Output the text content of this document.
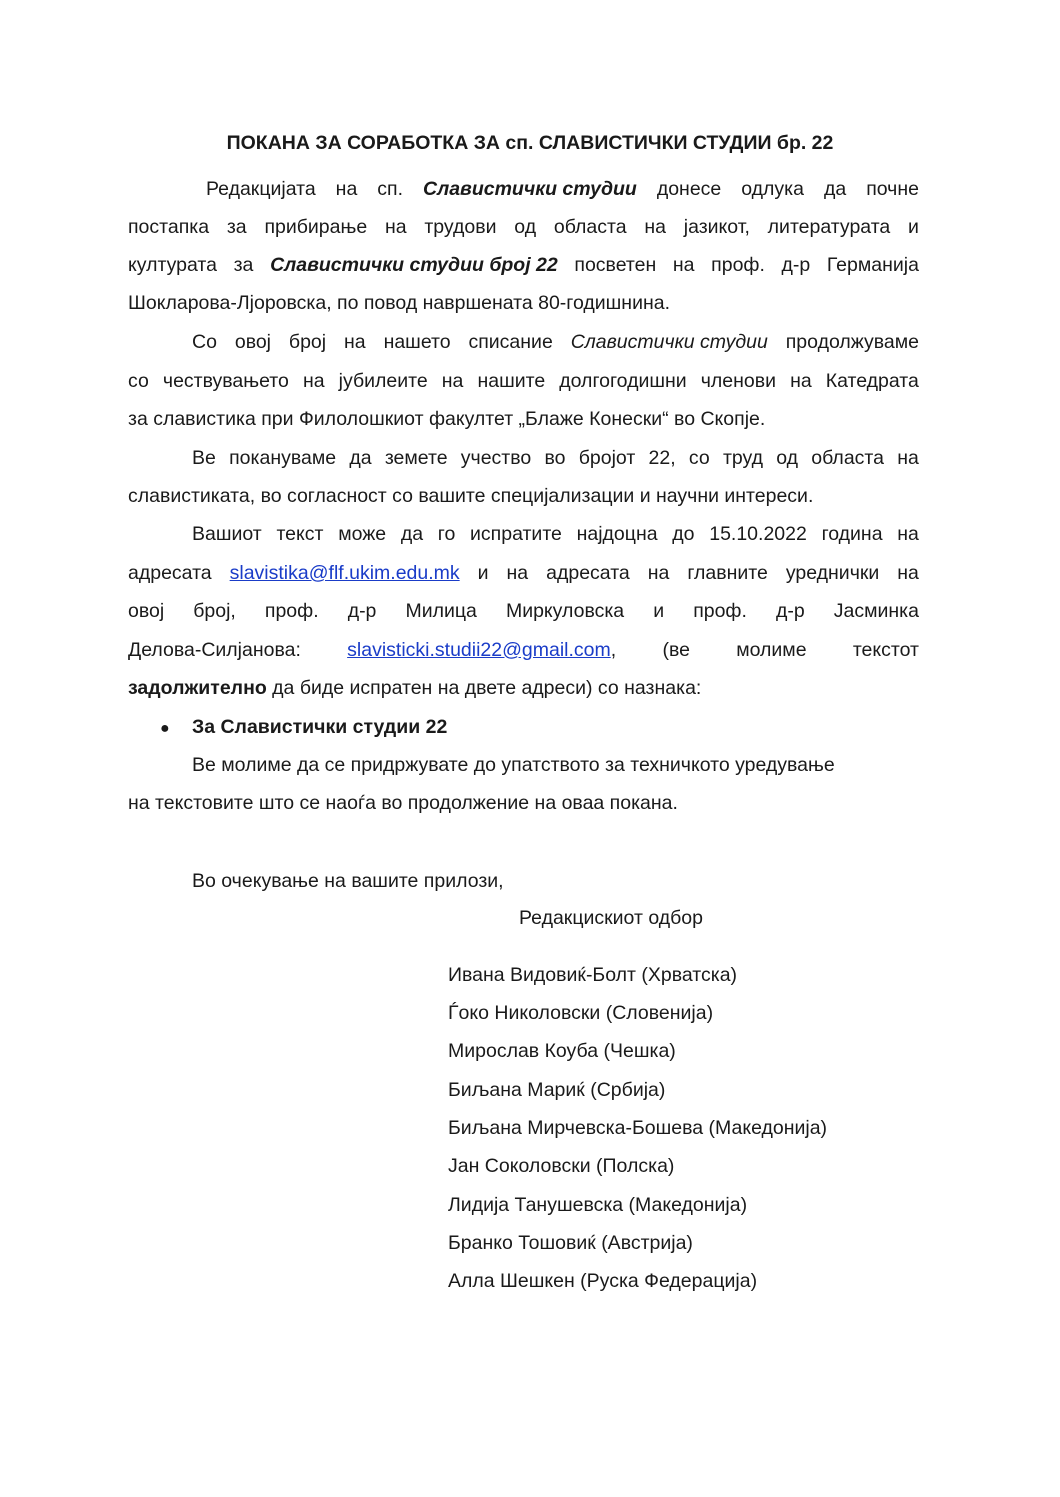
ПОКАНА ЗА СОРАБОТКА ЗА сп. СЛАВИСТИЧКИ СТУДИИ бр. 22
Редакцијата на сп. Славистички студии донесе одлука да почне
постапка за прибирање на трудови од областа на јазикот, литературата и
културата за Славистички студии број 22 посветен на проф. д-р Германија
Шокларова-Лјоровска, по повод навршената 80-годишнина.
Со овој број на нашето списание Славистички студии продолжуваме
со чествувањето на јубилеите на нашите долгогодишни членови на Катедрата
за славистика при Филолошкиот факултет „Блаже Конески“ во Скопје.
Ве покануваме да земете учество во бројот 22, со труд од областа на
славистиката, во согласност со вашите специјализации и научни интереси.
Вашиот текст може да го испратите најдоцна до 15.10.2022 година на
адресата slavistika@flf.ukim.edu.mk и на адресата на главните уреднички на
овој број, проф. д-р Милица Миркуловска и проф. д-р Јасминка
Делова-Силјанова: slavisticki.studii22@gmail.com, (ве молиме текстот
задолжително да биде испратен на двете адреси) со назнака:
● За Славистички студии 22
Ве молиме да се придржувате до упатството за техничкото уредување
на текстовите што се наоѓа во продолжение на оваа покана.
Во очекување на вашите прилози,
Редакцискиот одбор
Ивана Видовиќ-Болт (Хрватска)
Ѓоко Николовски (Словенија)
Мирослав Коуба (Чешка)
Биљана Мариќ (Србија)
Биљана Мирчевска-Бошева (Македонија)
Јан Соколовски (Полска)
Лидија Танушевска (Македонија)
Бранко Тошовиќ (Австрија)
Алла Шешкен (Руска Федерација)
